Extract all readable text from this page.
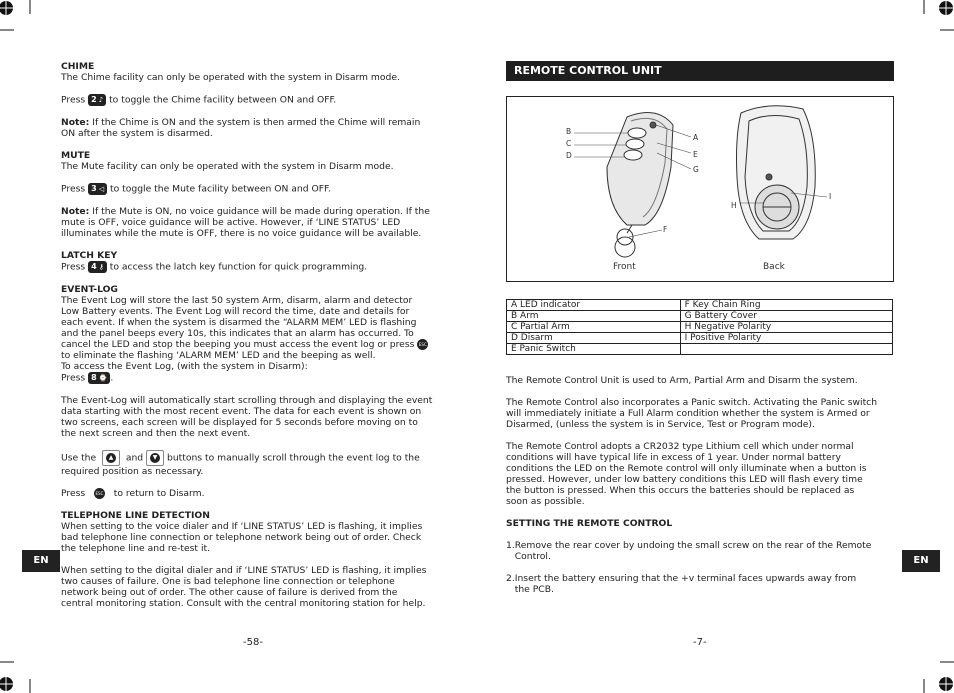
CHIME

The Chime facility can only be operated with the system in Disarm mode.

Press 2 ♪ to toggle the Chime facility between ON and OFF.

Note: If the Chime is ON and the system is then armed the Chime will remain

ON after the system is disarmed.

MUTE

The Mute facility can only be operated with the system in Disarm mode.

Press 3 ◁ to toggle the Mute facility between ON and OFF.

Note: If the Mute is ON, no voice guidance will be made during operation. If the

mute is OFF, voice guidance will be active. However, if ‘LINE STATUS’ LED

illuminates while the mute is OFF, there is no voice guidance will be available.

LATCH KEY

Press 4 ⚷ to access the latch key function for quick programming.

EVENT-LOG

The Event Log will store the last 50 system Arm, disarm, alarm and detector

Low Battery events. The Event Log will record the time, date and details for

each event. If when the system is disarmed the “ALARM MEM’ LED is flashing

and the panel beeps every 10s, this indicates that an alarm has occurred. To

cancel the LED and stop the beeping you must access the event log or press ESC

to eliminate the flashing ‘ALARM MEM’ LED and the beeping as well.

To access the Event Log, (with the system in Disarm):

Press 8 ⌚ .

The Event-Log will automatically start scrolling through and displaying the event

data starting with the most recent event. The data for each event is shown on

two screens, each screen will be displayed for 5 seconds before moving on to

the next screen and then the next event.

Use the	▲ and	▼ buttons to manually scroll through the event log to the

required position as necessary.

Press	ESC to return to Disarm.

TELEPHONE LINE DETECTION

When setting to the voice dialer and If ‘LINE STATUS’ LED is flashing, it implies

bad telephone line connection or telephone network being out of order. Check

the telephone line and re-test it.

When setting to the digital dialer and if ‘LINE STATUS’ LED is flashing, it implies

two causes of failure. One is bad telephone line connection or telephone

network being out of order. The other cause of failure is derived from the

central monitoring station. Consult with the central monitoring station for help.

EN
-58-
REMOTE CONTROL UNIT
B
C
D
A
E
G
F
H
I
Front	Back
A LED indicator	F Key Chain Ring
B Arm	G Battery Cover
C Partial Arm	H Negative Polarity
D Disarm	I Positive Polarity
E Panic Switch	

The Remote Control Unit is used to Arm, Partial Arm and Disarm the system.

The Remote Control also incorporates a Panic switch. Activating the Panic switch

will immediately initiate a Full Alarm condition whether the system is Armed or

Disarmed, (unless the system is in Service, Test or Program mode).

The Remote Control adopts a CR2032 type Lithium cell which under normal

conditions will have typical life in excess of 1 year. Under normal battery

conditions the LED on the Remote control will only illuminate when a button is

pressed. However, under low battery conditions this LED will flash every time

the button is pressed. When this occurs the batteries should be replaced as

soon as possible.

SETTING THE REMOTE CONTROL

1.Remove the rear cover by undoing the small screw on the rear of the Remote

Control.

2.Insert the battery ensuring that the +v terminal faces upwards away from

the PCB.

EN
-7-
